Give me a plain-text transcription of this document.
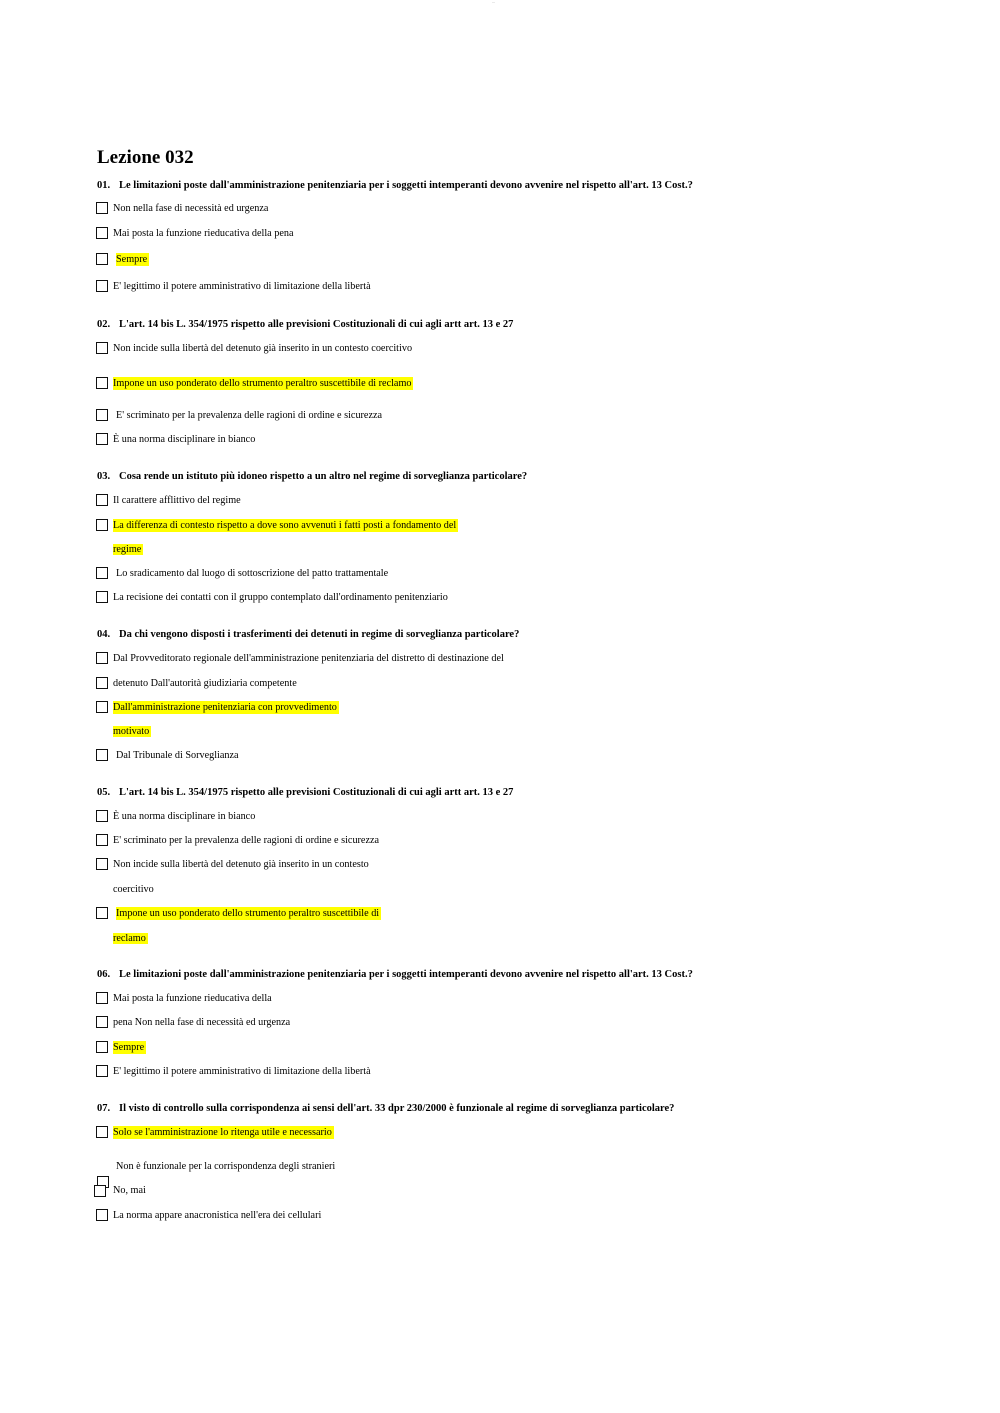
—
Lezione 032
01. Le limitazioni poste dall'amministrazione penitenziaria per i soggetti intemperanti devono avvenire nel rispetto all'art. 13 Cost.?
Non nella fase di necessità ed urgenza
Mai posta la funzione rieducativa della pena
Sempre
E' legittimo il potere amministrativo di limitazione della libertà
02. L'art. 14 bis L. 354/1975 rispetto alle previsioni Costituzionali di cui agli artt art. 13 e 27
Non incide sulla libertà del detenuto già inserito in un contesto coercitivo
Impone un uso ponderato dello strumento peraltro suscettibile di reclamo
E' scriminato per la prevalenza delle ragioni di ordine e sicurezza
È una norma disciplinare in bianco
03. Cosa rende un istituto più idoneo rispetto a un altro nel regime di sorveglianza particolare?
Il carattere afflittivo del regime
La differenza di contesto rispetto a dove sono avvenuti i fatti posti a fondamento del
regime
Lo sradicamento dal luogo di sottoscrizione del patto trattamentale
La recisione dei contatti con il gruppo contemplato dall'ordinamento penitenziario
04. Da chi vengono disposti i trasferimenti dei detenuti in regime di sorveglianza particolare?
Dal Provveditorato regionale dell'amministrazione penitenziaria del distretto di destinazione del
detenuto Dall'autorità giudiziaria competente
Dall'amministrazione penitenziaria con provvedimento
motivato
Dal Tribunale di Sorveglianza
05. L'art. 14 bis L. 354/1975 rispetto alle previsioni Costituzionali di cui agli artt art. 13 e 27
È una norma disciplinare in bianco
E' scriminato per la prevalenza delle ragioni di ordine e sicurezza
Non incide sulla libertà del detenuto già inserito in un contesto
coercitivo
Impone un uso ponderato dello strumento peraltro suscettibile di
reclamo
06. Le limitazioni poste dall'amministrazione penitenziaria per i soggetti intemperanti devono avvenire nel rispetto all'art. 13 Cost.?
Mai posta la funzione rieducativa della
pena Non nella fase di necessità ed urgenza
Sempre
E' legittimo il potere amministrativo di limitazione della libertà
07. Il visto di controllo sulla corrispondenza ai sensi dell'art. 33 dpr 230/2000 è funzionale al regime di sorveglianza particolare?
Solo se l'amministrazione lo ritenga utile e necessario
Non è funzionale per la corrispondenza degli stranieri
No, mai
La norma appare anacronistica nell'era dei cellulari
